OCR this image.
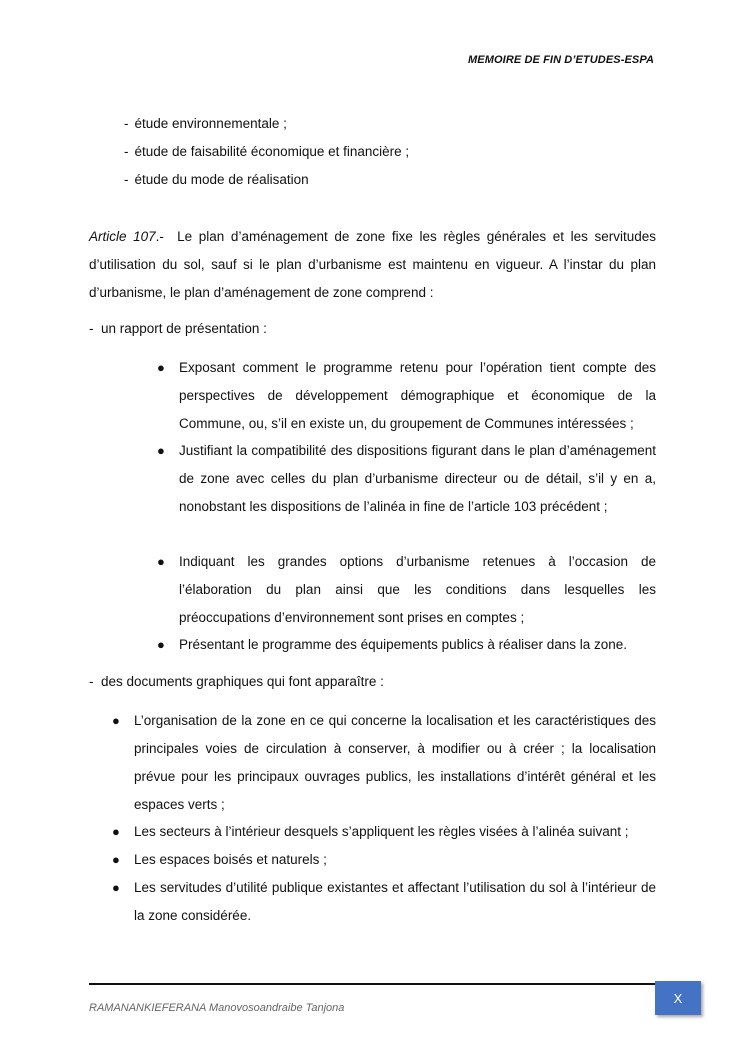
MEMOIRE DE FIN D’ETUDES-ESPA
- étude environnementale ;
- étude de faisabilité économique et financière ;
- étude du mode de réalisation
Article 107.- Le plan d’aménagement de zone fixe les règles générales et les servitudes d’utilisation du sol, sauf si le plan d’urbanisme est maintenu en vigueur. A l’instar du plan d’urbanisme, le plan d’aménagement de zone comprend :
-  un rapport de présentation :
● Exposant comment le programme retenu pour l’opération tient compte des perspectives de développement démographique et économique de la Commune, ou, s’il en existe un, du groupement de Communes intéressées ;
● Justifiant la compatibilité des dispositions figurant dans le plan d’aménagement de zone avec celles du plan d’urbanisme directeur ou de détail, s’il y en a, nonobstant les dispositions de l’alinéa in fine de l’article 103 précédent ;
● Indiquant les grandes options d’urbanisme retenues à l’occasion de l’élaboration du plan ainsi que les conditions dans lesquelles les préoccupations d’environnement sont prises en comptes ;
● Présentant le programme des équipements publics à réaliser dans la zone.
-  des documents graphiques qui font apparaître :
● L’organisation de la zone en ce qui concerne la localisation et les caractéristiques des principales voies de circulation à conserver, à modifier ou à créer ; la localisation prévue pour les principaux ouvrages publics, les installations d’intérêt général et les espaces verts ;
● Les secteurs à l’intérieur desquels s’appliquent les règles visées à l’alinéa suivant ;
● Les espaces boisés et naturels ;
● Les servitudes d’utilité publique existantes et affectant l’utilisation du sol à l’intérieur de la zone considérée.
RAMANANKIEFERANA Manovosoandraibe Tanjona
X
